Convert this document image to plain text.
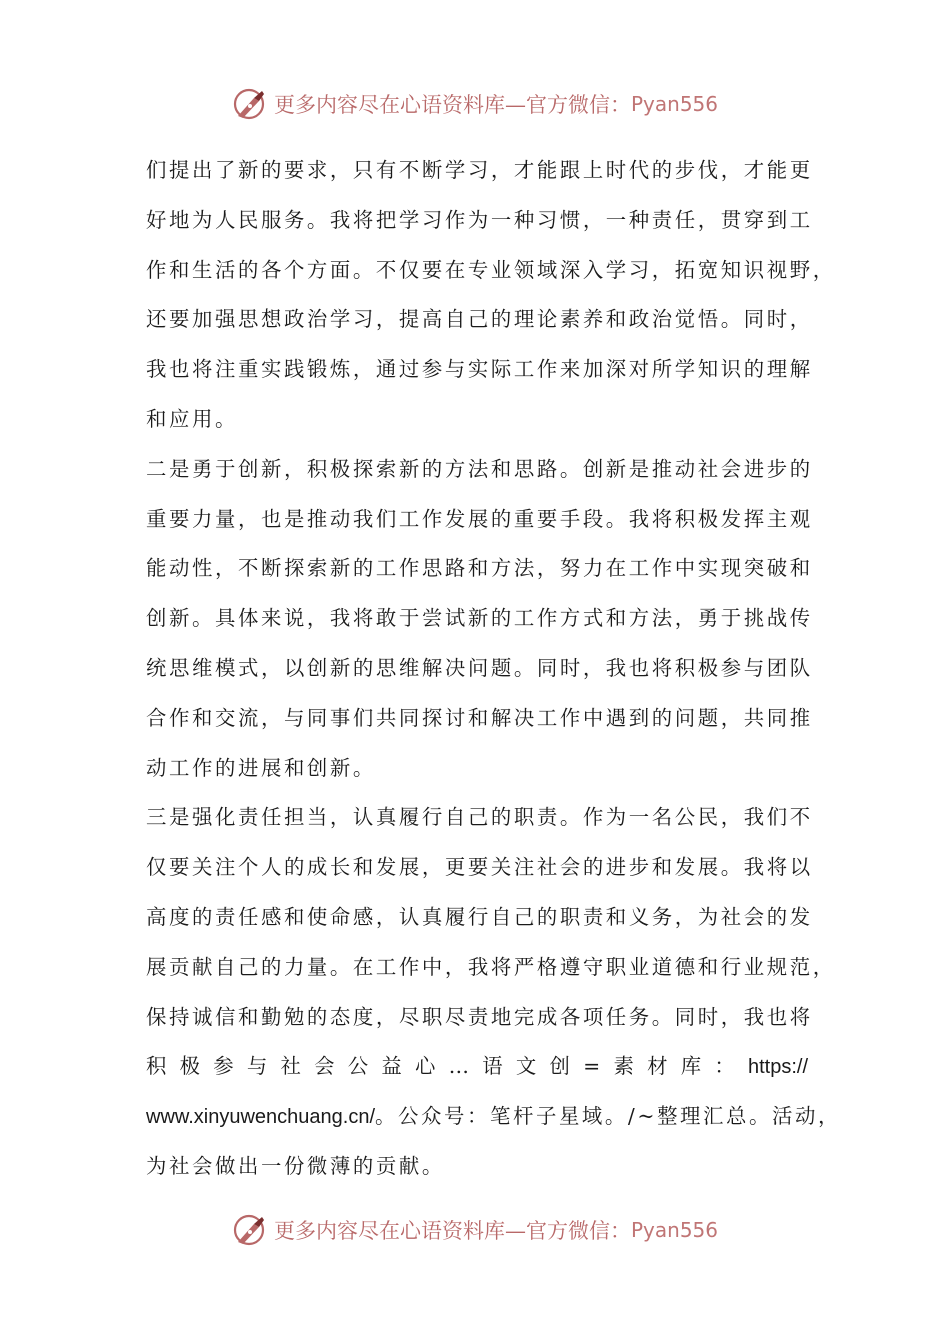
更多内容尽在心语资料库—官方微信： Pyan556
们提出了新的要求，只有不断学习，才能跟上时代的步伐，才能更
好地为人民服务。我将把学习作为一种习惯，一种责任，贯穿到工
作和生活的各个方面。不仅要在专业领域深入学习，拓宽知识视野，
还要加强思想政治学习，提高自己的理论素养和政治觉悟。同时，
我也将注重实践锻炼，通过参与实际工作来加深对所学知识的理解
和应用。
二是勇于创新，积极探索新的方法和思路。创新是推动社会进步的
重要力量，也是推动我们工作发展的重要手段。我将积极发挥主观
能动性，不断探索新的工作思路和方法，努力在工作中实现突破和
创新。具体来说，我将敢于尝试新的工作方式和方法，勇于挑战传
统思维模式，以创新的思维解决问题。同时，我也将积极参与团队
合作和交流，与同事们共同探讨和解决工作中遇到的问题，共同推
动工作的进展和创新。
三是强化责任担当，认真履行自己的职责。作为一名公民，我们不
仅要关注个人的成长和发展，更要关注社会的进步和发展。我将以
高度的责任感和使命感，认真履行自己的职责和义务，为社会的发
展贡献自己的力量。在工作中，我将严格遵守职业道德和行业规范，
保持诚信和勤勉的态度，尽职尽责地完成各项任务。同时，我也将
积极参与社会公益心…语文创=素材库：https://
www.xinyuwenchuang.cn/。公众号：笔杆子星域。/~整理汇总。活动，
为社会做出一份微薄的贡献。
更多内容尽在心语资料库—官方微信： Pyan556
